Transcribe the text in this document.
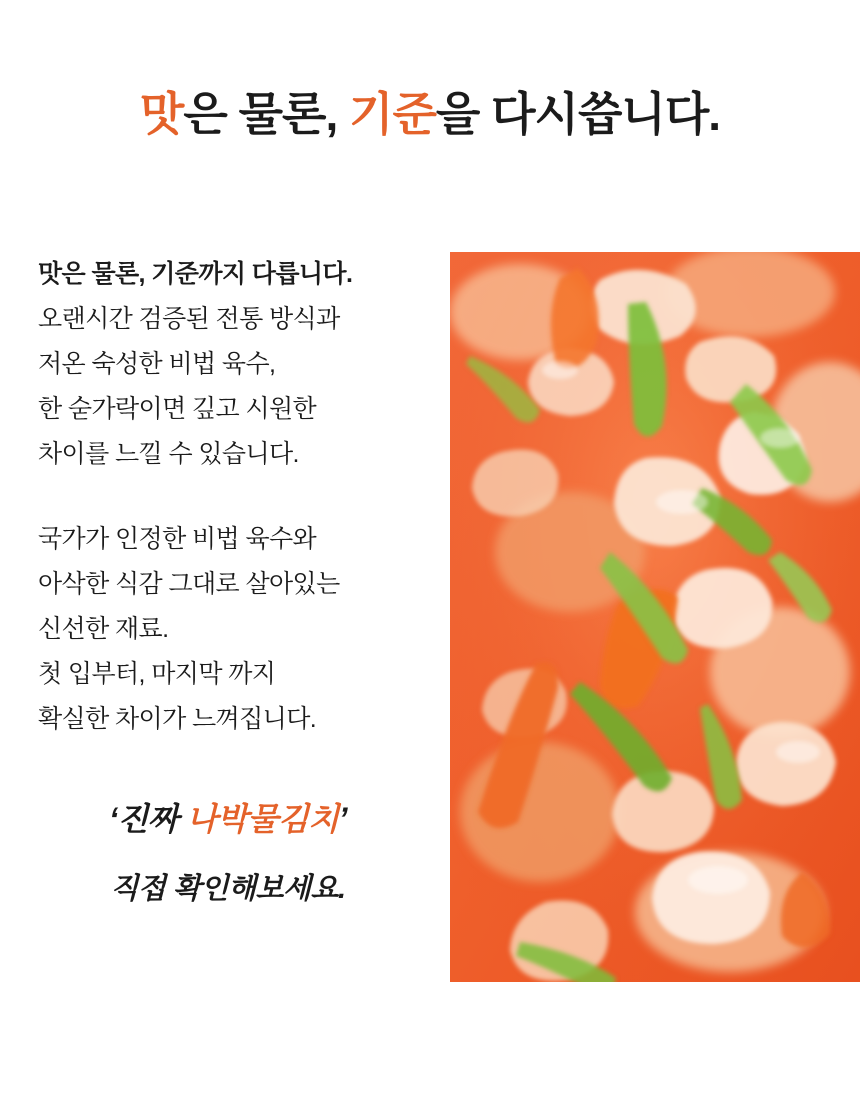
맛은 물론, 기준을 다시씁니다.
맛은 물론, 기준까지 다릅니다.
오랜시간 검증된 전통 방식과
저온 숙성한 비법 육수,
한 숟가락이면 깊고 시원한
차이를 느낄 수 있습니다.
국가가 인정한 비법 육수와
아삭한 식감 그대로 살아있는
신선한 재료.
첫 입부터, 마지막 까지
확실한 차이가 느껴집니다.
‘진짜 나박물김치’
직접 확인해보세요.
